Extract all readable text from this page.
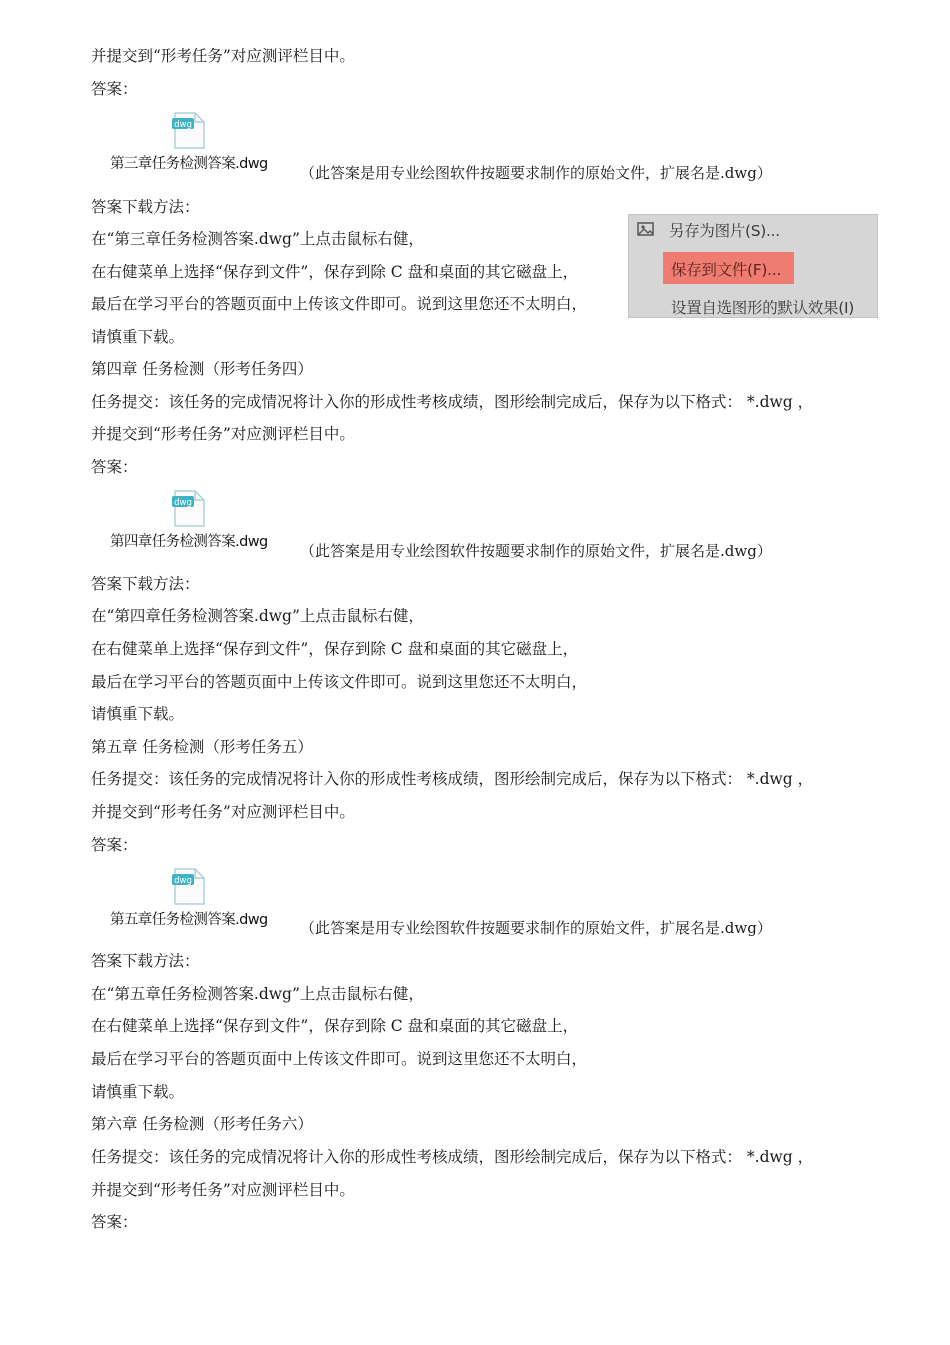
并提交到“形考任务”对应测评栏目中。
答案：
dwg
第三章任务检测答案.dwg （此答案是用专业绘图软件按题要求制作的原始文件，扩展名是.dwg）
答案下载方法：
在“第三章任务检测答案.dwg”上点击鼠标右健，
在右健菜单上选择“保存到文件”，保存到除 C 盘和桌面的其它磁盘上，
最后在学习平台的答题页面中上传该文件即可。说到这里您还不太明白，
请慎重下载。
另存为图片(S)...
保存到文件(F)...
设置自选图形的默认效果(I)
第四章 任务检测（形考任务四）
任务提交：该任务的完成情况将计入你的形成性考核成绩，图形绘制完成后，保存为以下格式： *.dwg ，
并提交到“形考任务”对应测评栏目中。
答案：
dwg
第四章任务检测答案.dwg （此答案是用专业绘图软件按题要求制作的原始文件，扩展名是.dwg）
答案下载方法：
在“第四章任务检测答案.dwg”上点击鼠标右健，
在右健菜单上选择“保存到文件”，保存到除 C 盘和桌面的其它磁盘上，
最后在学习平台的答题页面中上传该文件即可。说到这里您还不太明白，
请慎重下载。
第五章 任务检测（形考任务五）
任务提交：该任务的完成情况将计入你的形成性考核成绩，图形绘制完成后，保存为以下格式： *.dwg ，
并提交到“形考任务”对应测评栏目中。
答案：
dwg
第五章任务检测答案.dwg （此答案是用专业绘图软件按题要求制作的原始文件，扩展名是.dwg）
答案下载方法：
在“第五章任务检测答案.dwg”上点击鼠标右健，
在右健菜单上选择“保存到文件”，保存到除 C 盘和桌面的其它磁盘上，
最后在学习平台的答题页面中上传该文件即可。说到这里您还不太明白，
请慎重下载。
第六章 任务检测（形考任务六）
任务提交：该任务的完成情况将计入你的形成性考核成绩，图形绘制完成后，保存为以下格式： *.dwg ，
并提交到“形考任务”对应测评栏目中。
答案：
